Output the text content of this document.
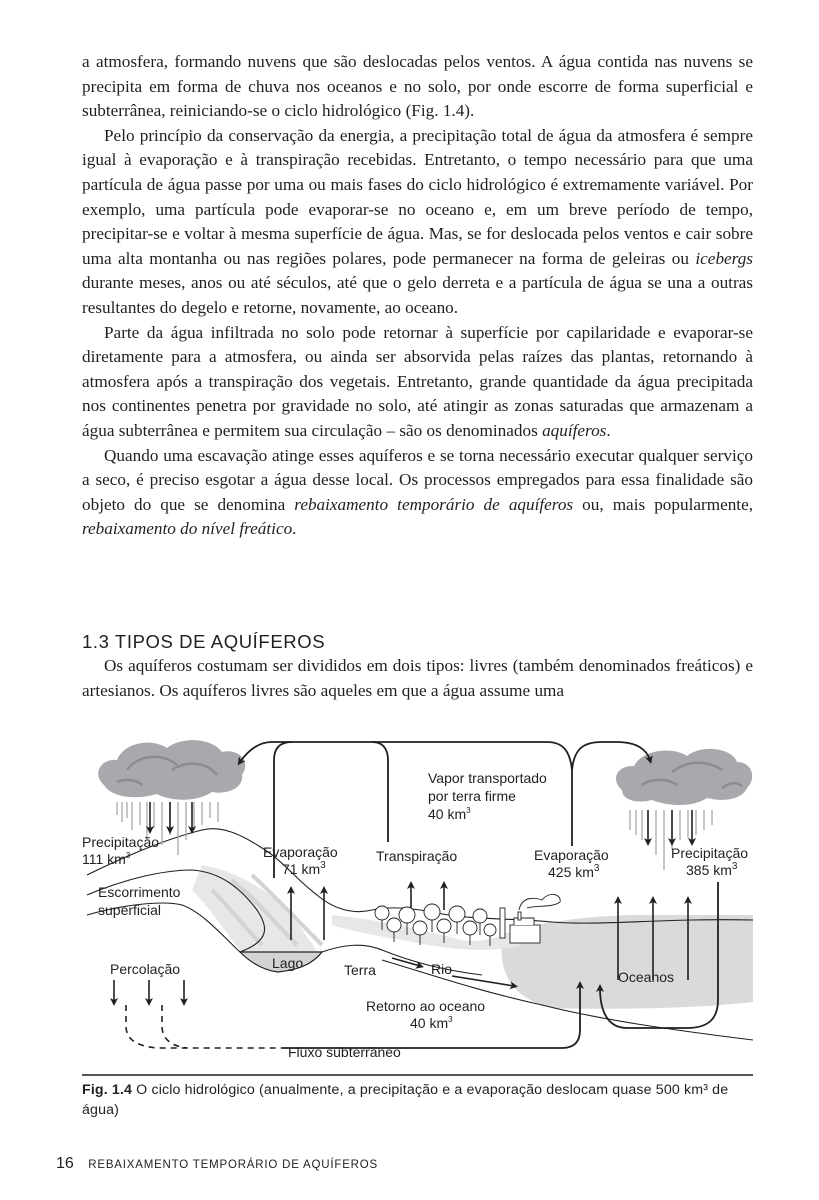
a atmosfera, formando nuvens que são deslocadas pelos ventos. A água contida nas nuvens se precipita em forma de chuva nos oceanos e no solo, por onde escorre de forma superficial e subterrânea, reiniciando-se o ciclo hidrológico (Fig. 1.4).

Pelo princípio da conservação da energia, a precipitação total de água da atmosfera é sempre igual à evaporação e à transpiração recebidas. Entretanto, o tempo necessário para que uma partícula de água passe por uma ou mais fases do ciclo hidrológico é extremamente variável. Por exemplo, uma partícula pode evaporar-se no oceano e, em um breve período de tempo, precipitar-se e voltar à mesma superfície de água. Mas, se for deslocada pelos ventos e cair sobre uma alta montanha ou nas regiões polares, pode permanecer na forma de geleiras ou icebergs durante meses, anos ou até séculos, até que o gelo derreta e a partícula de água se una a outras resultantes do degelo e retorne, novamente, ao oceano.

Parte da água infiltrada no solo pode retornar à superfície por capilaridade e evaporar-se diretamente para a atmosfera, ou ainda ser absorvida pelas raízes das plantas, retornando à atmosfera após a transpiração dos vegetais. Entretanto, grande quantidade da água precipitada nos continentes penetra por gravidade no solo, até atingir as zonas saturadas que armazenam a água subterrânea e permitem sua circulação – são os denominados aquíferos.

Quando uma escavação atinge esses aquíferos e se torna necessário executar qualquer serviço a seco, é preciso esgotar a água desse local. Os processos empregados para essa finalidade são objeto do que se denomina rebaixamento temporário de aquíferos ou, mais popularmente, rebaixamento do nível freático.

1.3 TIPOS DE AQUÍFEROS

Os aquíferos costumam ser divididos em dois tipos: livres (também denominados freáticos) e artesianos. Os aquíferos livres são aqueles em que a água assume uma

Precipitação
111 $km^3$	Evaporação
71 $km^3$
Transpiração
Vapor transportado
por terra firme
40 $km^3$
Evaporação
425 $km^3$
Precipitação
385 $km^3$
Escorrimento
superficial
Lago	Terra	Rio	Oceanos
Percolação
Retorno ao oceano
40 $km^3$
Fluxo subterrâneo
Fig. 1.4 O ciclo hidrológico (anualmente, a precipitação e a evaporação deslocam quase 500 km³ de água)
16 REBAIXAMENTO TEMPORÁRIO DE AQUÍFEROS
